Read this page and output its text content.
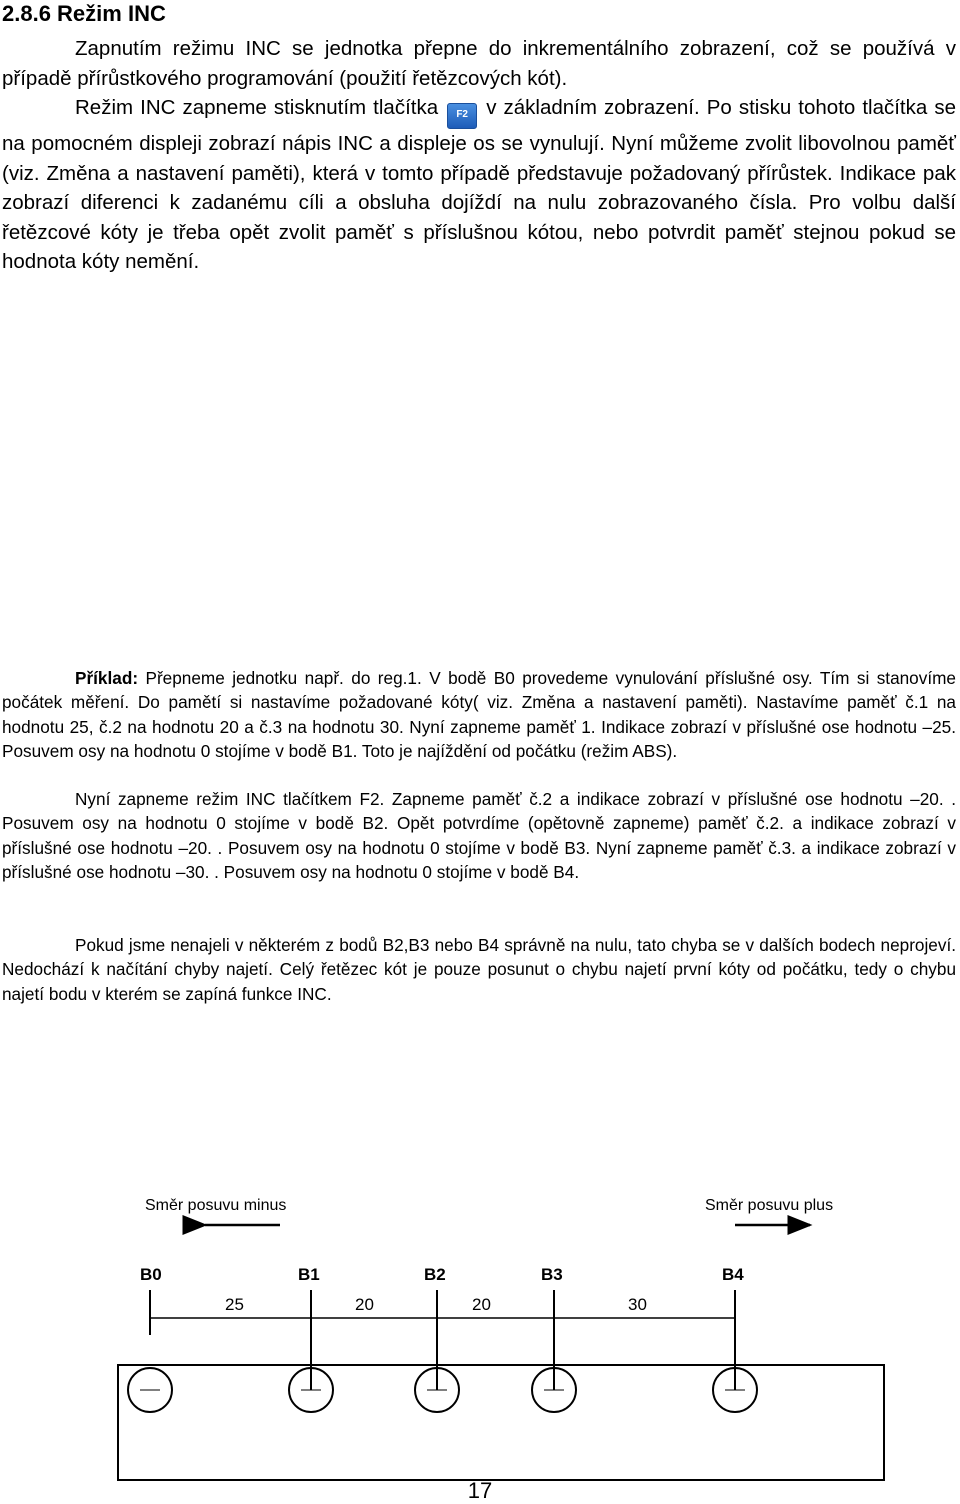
2.8.6 Režim INC

Zapnutím režimu INC se jednotka přepne do inkrementálního zobrazení, což se používá v případě přírůstkového programování (použití řetězcových kót).

Režim INC zapneme stisknutím tlačítka F2 v základním zobrazení. Po stisku tohoto tlačítka se na pomocném displeji zobrazí nápis INC a displeje os se vynulují. Nyní můžeme zvolit libovolnou paměť (viz. Změna a nastavení paměti), která v tomto případě představuje požadovaný přírůstek. Indikace pak zobrazí diferenci k zadanému cíli a obsluha dojíždí na nulu zobrazovaného čísla. Pro volbu další řetězcové kóty je třeba opět zvolit paměť s příslušnou kótou, nebo potvrdit paměť stejnou pokud se hodnota kóty nemění.

Příklad: Přepneme jednotku např. do reg.1. V bodě B0 provedeme vynulování příslušné osy. Tím si stanovíme počátek měření. Do pamětí si nastavíme požadované kóty( viz. Změna a nastavení paměti). Nastavíme paměť č.1 na hodnotu 25, č.2 na hodnotu 20 a č.3 na hodnotu 30. Nyní zapneme paměť 1. Indikace zobrazí v příslušné ose hodnotu –25. Posuvem osy na hodnotu 0 stojíme v bodě B1. Toto je najíždění od počátku (režim ABS).

Nyní zapneme režim INC tlačítkem F2. Zapneme paměť č.2 a indikace zobrazí v příslušné ose hodnotu –20. . Posuvem osy na hodnotu 0 stojíme v bodě B2. Opět potvrdíme (opětovně zapneme) paměť č.2. a indikace zobrazí v příslušné ose hodnotu –20. . Posuvem osy na hodnotu 0 stojíme v bodě B3. Nyní zapneme paměť č.3. a indikace zobrazí v příslušné ose hodnotu –30. . Posuvem osy na hodnotu 0 stojíme v bodě B4.

Pokud jsme nenajeli v některém z bodů B2,B3 nebo B4 správně na nulu, tato chyba se v dalších bodech neprojeví. Nedochází k načítání chyby najetí. Celý řetězec kót je pouze posunut o chybu najetí první kóty od počátku, tedy o chybu najetí bodu v kterém se zapíná funkce INC.

Směr posuvu minus	Směr posuvu plus
B0	B1	B2	B3	B4
25	20	20	30
17
